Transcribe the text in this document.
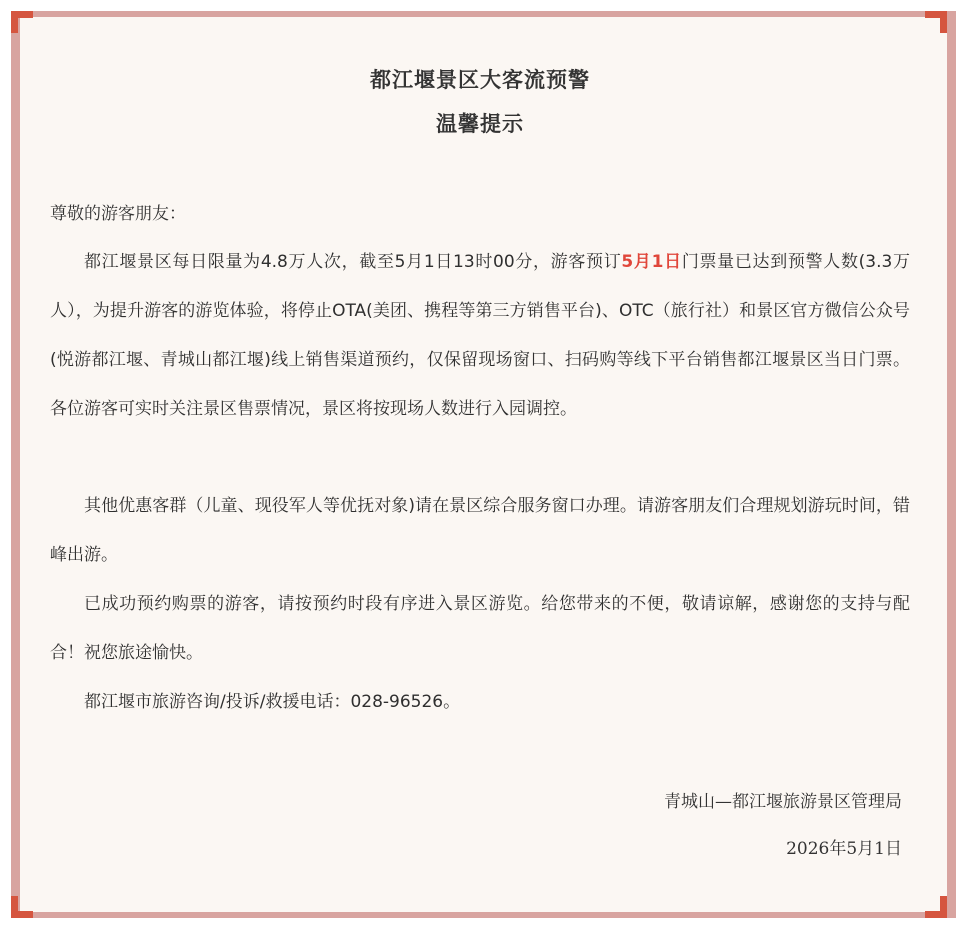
都江堰景区大客流预警
温馨提示
尊敬的游客朋友：
都江堰景区每日限量为4.8万人次，截至5月1日13时00分，游客预订5月1日门票量已达到预警人数(3.3万人），为提升游客的游览体验，将停止OTA(美团、携程等第三方销售平台)、OTC（旅行社）和景区官方微信公众号(悦游都江堰、青城山都江堰)线上销售渠道预约，仅保留现场窗口、扫码购等线下平台销售都江堰景区当日门票。各位游客可实时关注景区售票情况，景区将按现场人数进行入园调控。
其他优惠客群（儿童、现役军人等优抚对象)请在景区综合服务窗口办理。请游客朋友们合理规划游玩时间，错峰出游。
已成功预约购票的游客，请按预约时段有序进入景区游览。给您带来的不便，敬请谅解，感谢您的支持与配合！祝您旅途愉快。
都江堰市旅游咨询/投诉/救援电话：028-96526。
青城山—都江堰旅游景区管理局
2026年5月1日
